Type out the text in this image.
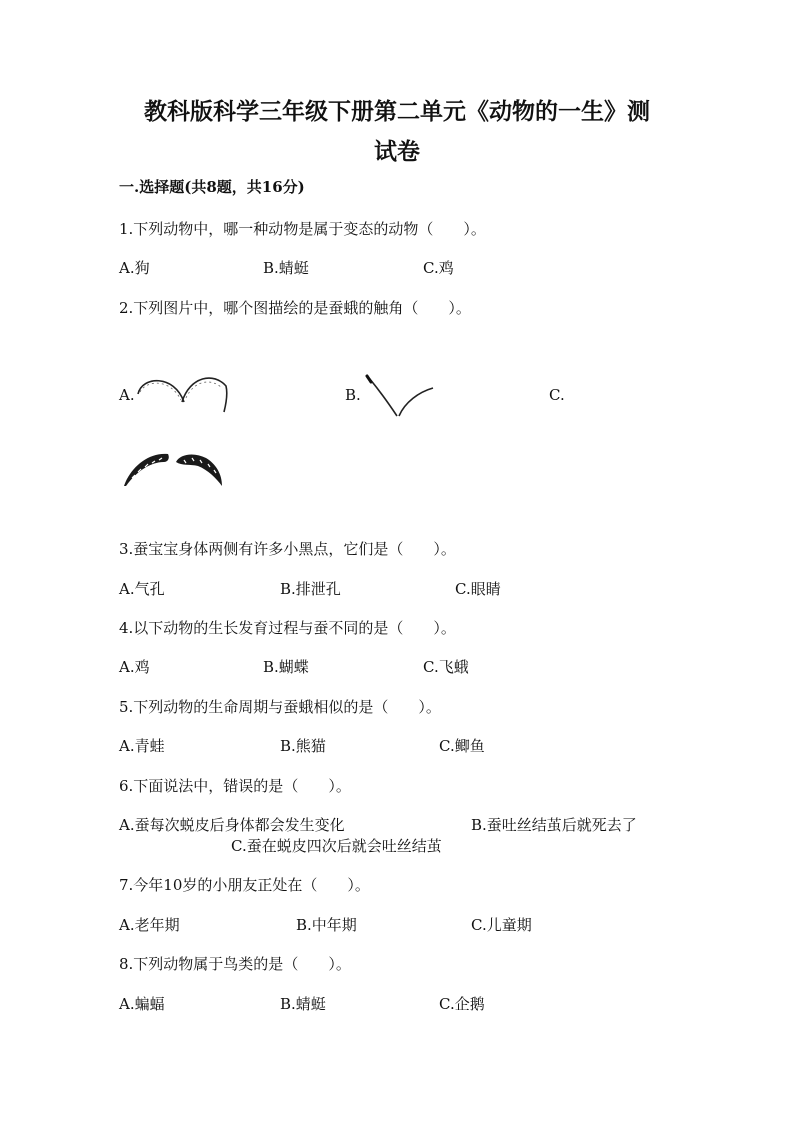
教科版科学三年级下册第二单元《动物的一生》测
试卷

一.选择题(共8题，共16分)

1.下列动物中，哪一种动物是属于变态的动物（　　）。

A.狗	B.蜻蜓	C.鸡

2.下列图片中，哪个图描绘的是蚕蛾的触角（　　）。

A.	B.	C.

3.蚕宝宝身体两侧有许多小黑点，它们是（　　）。

A.气孔	B.排泄孔	C.眼睛

4.以下动物的生长发育过程与蚕不同的是（　　）。

A.鸡	B.蝴蝶	C.飞蛾

5.下列动物的生命周期与蚕蛾相似的是（　　）。

A.青蛙	B.熊猫	C.鲫鱼

6.下面说法中，错误的是（　　）。

A.蚕每次蜕皮后身体都会发生变化	B.蚕吐丝结茧后就死去了

C.蚕在蜕皮四次后就会吐丝结茧

7.今年10岁的小朋友正处在（　　）。

A.老年期	B.中年期	C.儿童期

8.下列动物属于鸟类的是（　　）。

A.蝙蝠	B.蜻蜓	C.企鹅
